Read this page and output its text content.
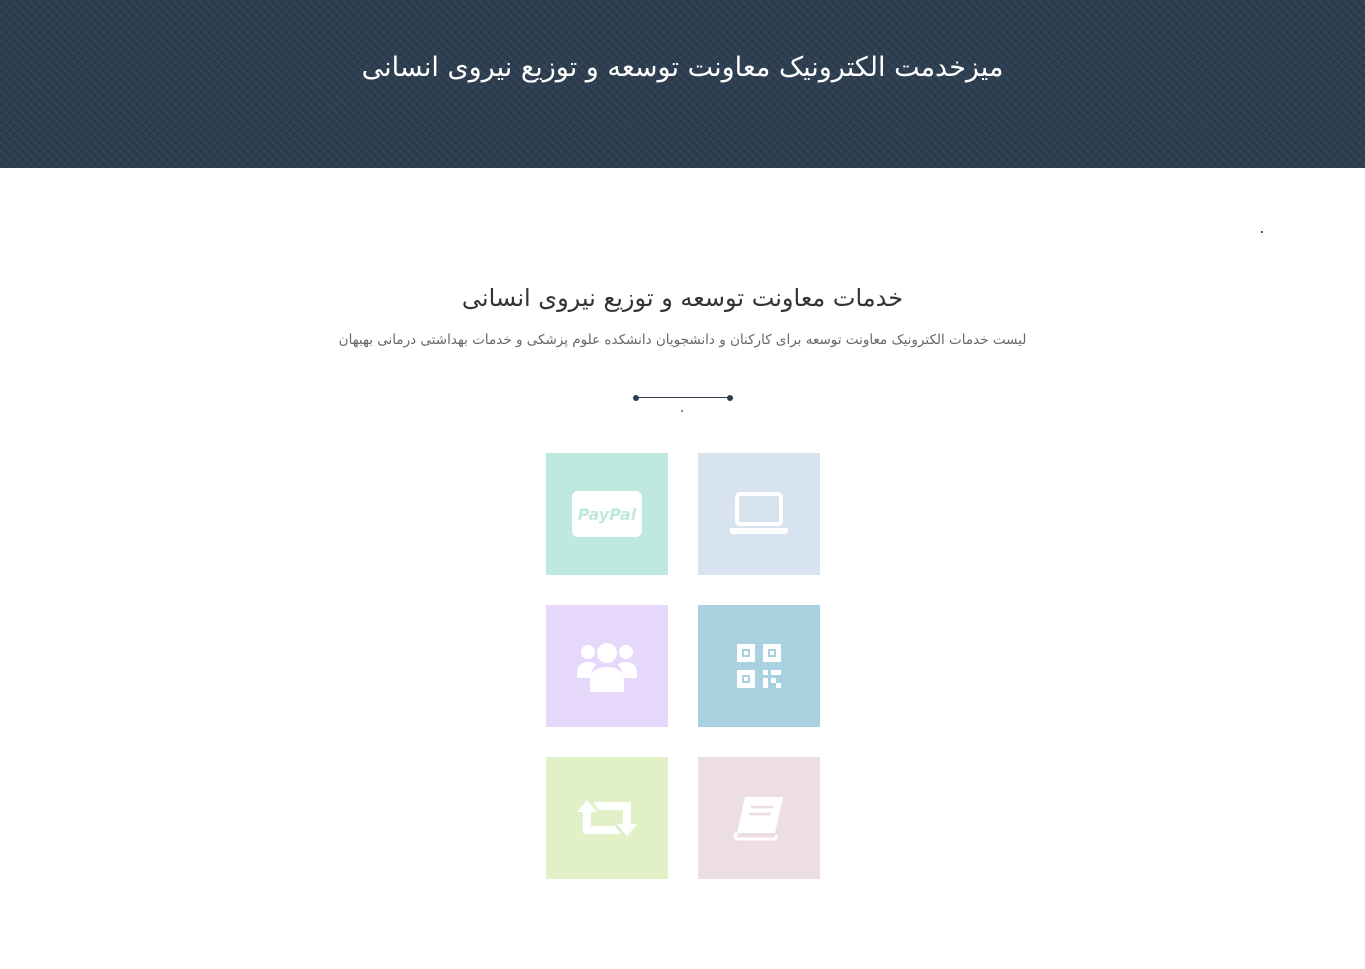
میزخدمت الکترونیک معاونت توسعه و توزیع نیروی انسانی
خدمات معاونت توسعه و توزیع نیروی انسانی

لیست خدمات الکترونیک معاونت توسعه برای کارکنان و دانشجویان دانشکده علوم پزشکی و خدمات بهداشتی درمانی بهبهان

PayPal
